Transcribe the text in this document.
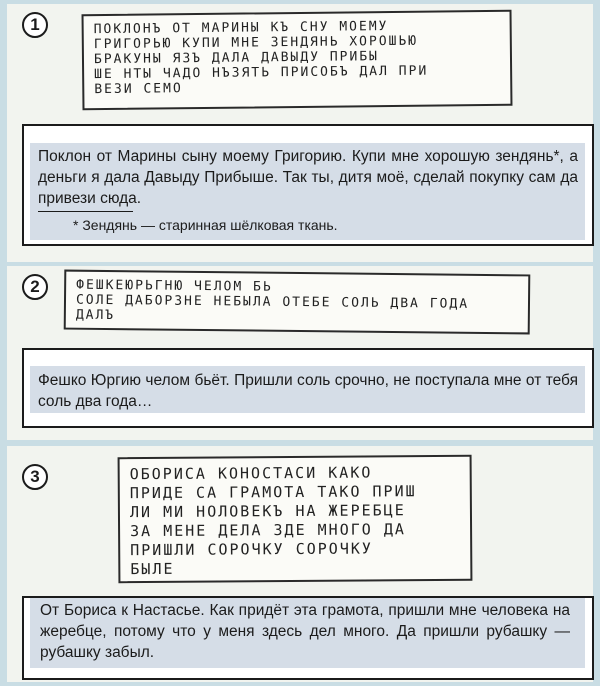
1	ПОКЛОНЪ ОТ МАРИНЫ КЪ СНУ МОЕМУ
ГРИГОРЬЮ КУПИ МНЕ ЗЕНДЯНЬ ХОРОШЬЮ
БРАКУНЫ ЯЗЪ ДАЛА ДАВЫДУ ПРИБЫ
ШЕ НТЫ ЧАДО НЪЗЯТЬ ПРИСОБЪ ДАЛ ПРИ
ВЕЗИ СЕМО
Поклон от Марины сыну моему Григорию. Купи мне хорошую зендянь*, а деньги я дала Давыду Прибыше. Так ты, дитя моё, сделай покупку сам да привези сюда.
* Зендянь — старинная шёлковая ткань.
2	ФЕШКЕЮРЬГНЮ ЧЕЛОМ БЬ
СОЛЕ ДАБОРЗНЕ НЕБЫЛА ОТЕБЕ СОЛЬ ДВА ГОДА
ДАЛЪ
Фешко Юргию челом бьёт. Пришли соль срочно, не поступала мне от тебя соль два года…
3	ОБОРИСА КОНОСТАСИ КАКО
ПРИДЕ СА ГРАМОТА ТАКО ПРИШ
ЛИ МИ НОЛОВЕКЪ НА ЖЕРЕБЦЕ
ЗА МЕНЕ ДЕЛА ЗДЕ МНОГО ДА
ПРИШЛИ СОРОЧКУ СОРОЧКУ
БЫЛЕ
От Бориса к Настасье. Как придёт эта грамота, пришли мне человека на жеребце, потому что у меня здесь дел много. Да пришли рубашку — рубашку забыл.
